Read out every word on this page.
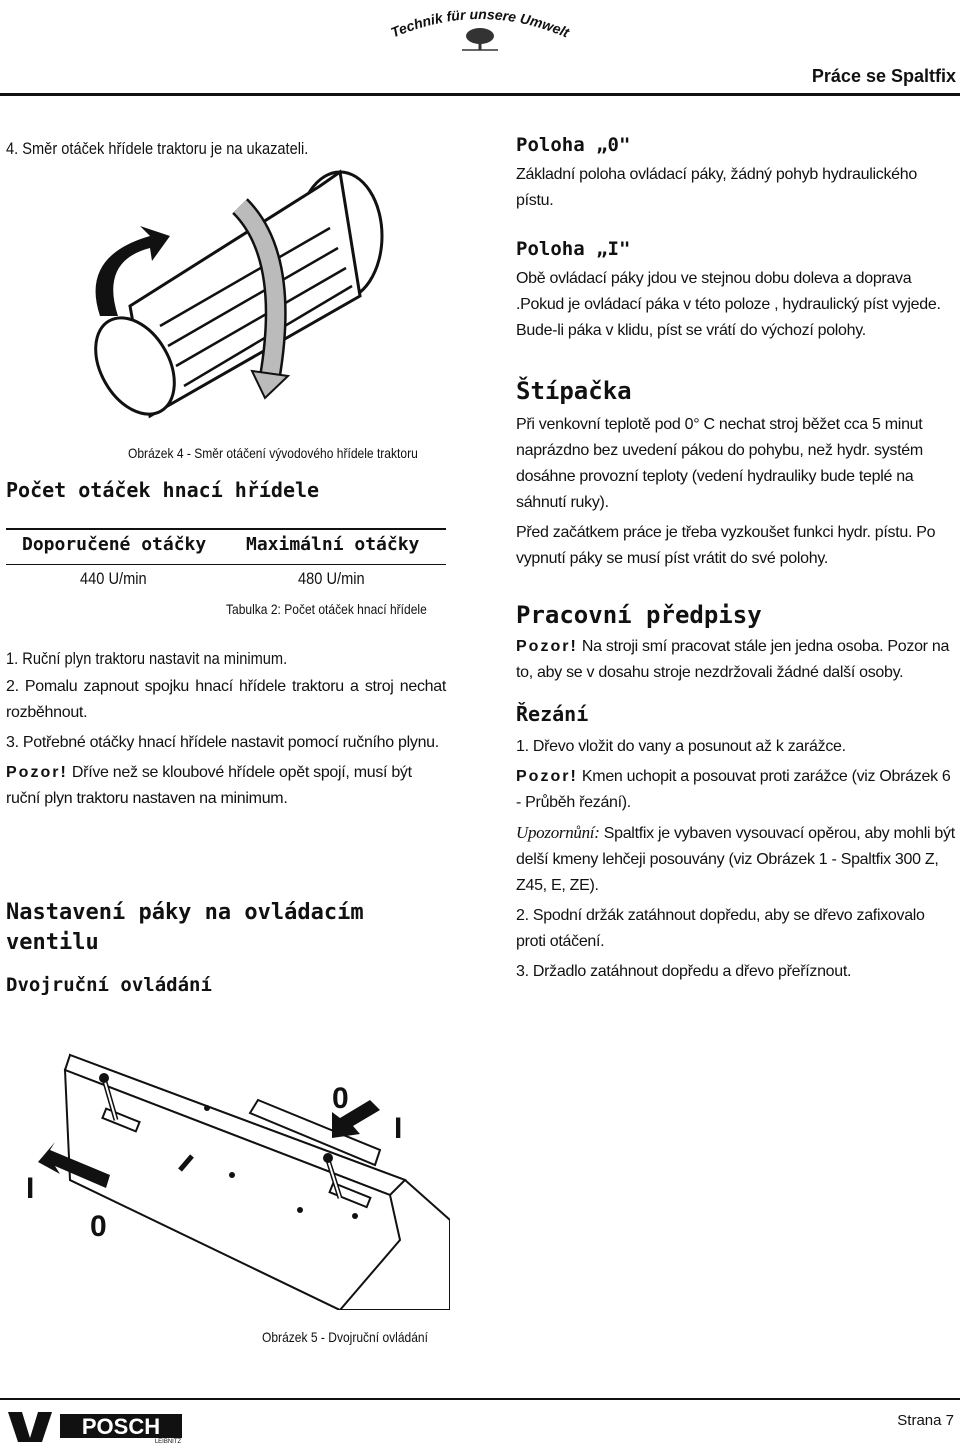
Technik für unsere Umwelt
Práce se Spaltfix
4. Směr otáček hřídele traktoru je na ukazateli.
Obrázek 4 - Směr otáčení vývodového hřídele traktoru
Počet otáček hnací hřídele
Doporučené otáčky Maximální otáčky
440 U/min	480 U/min
Tabulka 2: Počet otáček hnací hřídele
1. Ruční plyn traktoru nastavit na minimum.
2. Pomalu zapnout spojku hnací hřídele traktoru a stroj nechat rozběhnout.
3. Potřebné otáčky hnací hřídele nastavit pomocí ručního plynu.
Pozor! Dříve než se kloubové hřídele opět spojí, musí být ruční plyn traktoru nastaven na minimum.
Nastavení páky na ovládacím ventilu
Dvojruční ovládání
0
I
I
0
Obrázek 5 - Dvojruční ovládání
Poloha „0"
Základní poloha ovládací páky, žádný pohyb hydraulického pístu.
Poloha „I"
Obě ovládací páky jdou ve stejnou dobu doleva a doprava .Pokud je ovládací páka v této poloze , hydraulický píst vyjede. Bude-li páka v klidu, píst se vrátí do výchozí polohy.
Štípačka
Při venkovní teplotě pod 0° C nechat stroj běžet cca 5 minut naprázdno bez uvedení pákou do pohybu, než hydr. systém dosáhne provozní teploty (vedení hydrauliky bude teplé na sáhnutí ruky).
Před začátkem práce je třeba vyzkoušet funkci hydr. pístu. Po vypnutí páky se musí píst vrátit do své polohy.
Pracovní předpisy
Pozor! Na stroji smí pracovat stále jen jedna osoba. Pozor na to, aby se v dosahu stroje nezdržovali žádné další osoby.
Řezání
1. Dřevo vložit do vany a posunout až k zarážce.
Pozor! Kmen uchopit a posouvat proti zarážce (viz Obrázek 6 - Průběh řezání).
Upozornůní: Spaltfix je vybaven vysouvací opěrou, aby mohli být delší kmeny lehčeji posouvány (viz Obrázek 1 - Spaltfix 300 Z, Z45, E, ZE).
2. Spodní držák zatáhnout dopředu, aby se dřevo zafixovalo proti otáčení.
3. Držadlo zatáhnout dopředu a dřevo přeříznout.
POSCH
LEIBNITZ
Strana 7
